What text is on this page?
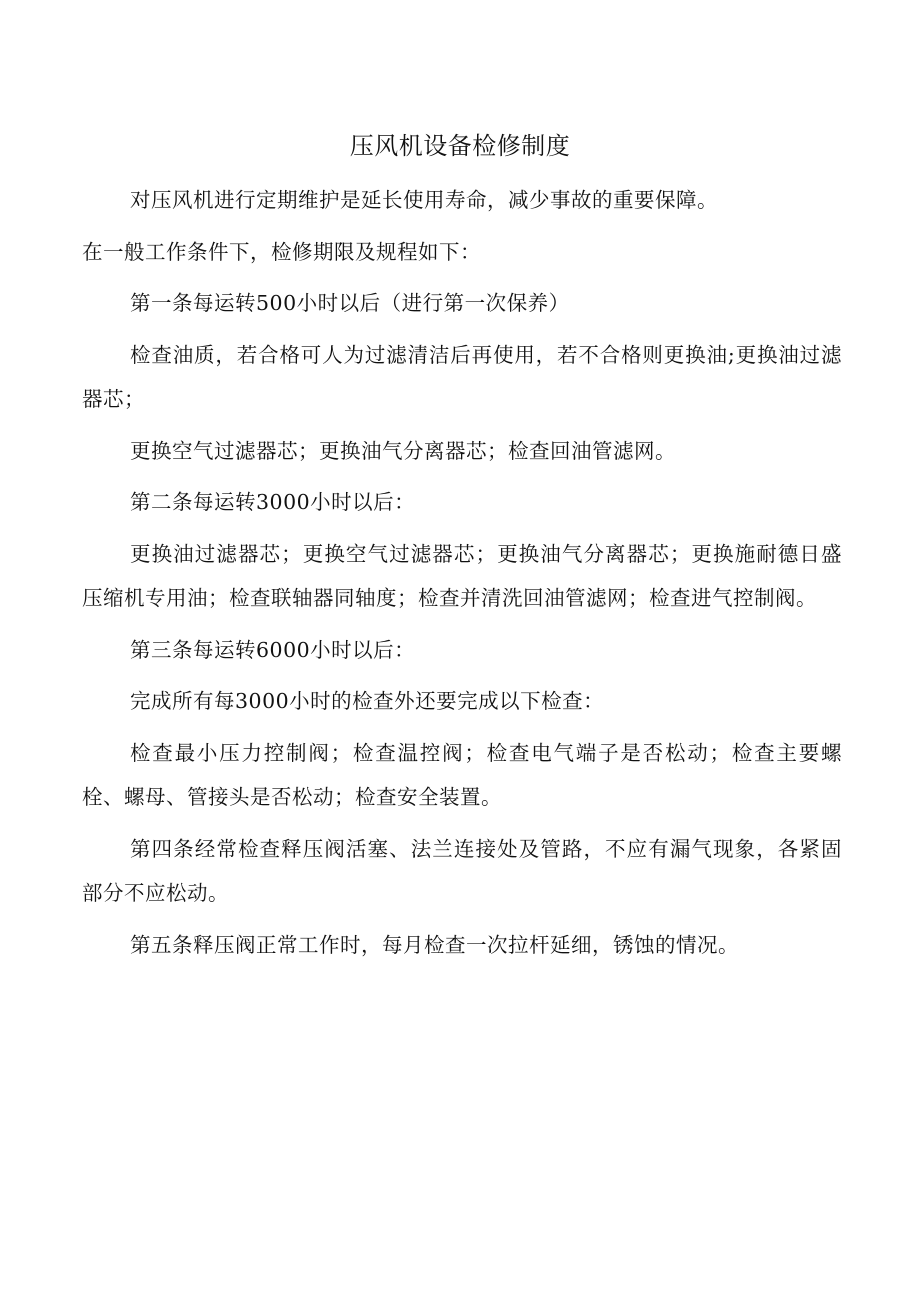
压风机设备检修制度

对压风机进行定期维护是延长使用寿命，减少事故的重要保障。

在一般工作条件下，检修期限及规程如下：

第一条每运转500小时以后（进行第一次保养）

检查油质，若合格可人为过滤清洁后再使用，若不合格则更换油;更换油过滤器芯；

更换空气过滤器芯；更换油气分离器芯；检查回油管滤网。

第二条每运转3000小时以后：

更换油过滤器芯；更换空气过滤器芯；更换油气分离器芯；更换施耐德日盛压缩机专用油；检查联轴器同轴度；检查并清洗回油管滤网；检查进气控制阀。

第三条每运转6000小时以后：

完成所有每3000小时的检查外还要完成以下检查：

检查最小压力控制阀；检查温控阀；检查电气端子是否松动；检查主要螺栓、螺母、管接头是否松动；检查安全装置。

第四条经常检查释压阀活塞、法兰连接处及管路，不应有漏气现象，各紧固部分不应松动。

第五条释压阀正常工作时，每月检查一次拉杆延细，锈蚀的情况。
